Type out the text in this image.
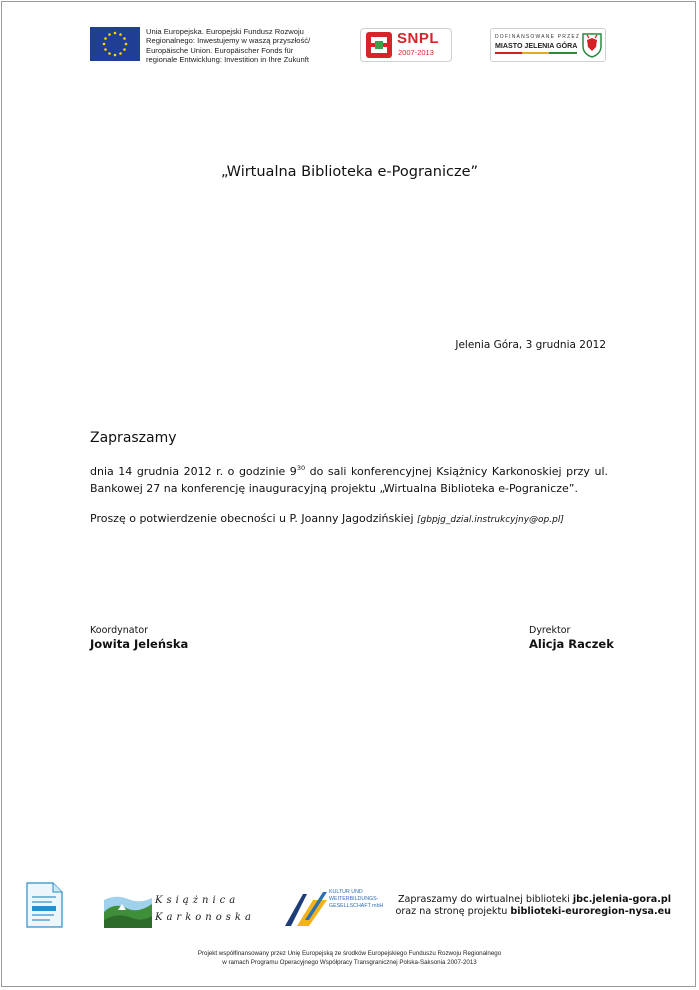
Unia Europejska. Europejski Fundusz Rozwoju
Regionalnego: Inwestujemy w waszą przyszłość/
Europäische Union. Europäischer Fonds für
regionale Entwicklung: Investition in Ihre Zukunft
SNPL
2007-2013
DOFINANSOWANE PRZEZ
MIASTO JELENIA GÓRA
„Wirtualna Biblioteka e-Pogranicze”
Jelenia Góra, 3 grudnia 2012
Zapraszamy
dnia 14 grudnia 2012 r. o godzinie $9^{30}$ do sali konferencyjnej Książnicy Karkonoskiej przy ul. Bankowej 27 na konferencję inauguracyjną projektu „Wirtualna Biblioteka e-Pogranicze”.
Proszę o potwierdzenie obecności u P. Joanny Jagodzińskiej [gbpjg_dzial.instrukcyjny@op.pl]
Koordynator
Jowita Jeleńska
Dyrektor
Alicja Raczek
Książnica
Karkonoska
KULTUR UND
WEITERBILDUNGS-
GESELLSCHAFT mbH
Zapraszamy do wirtualnej biblioteki jbc.jelenia-gora.pl
oraz na stronę projektu biblioteki-euroregion-nysa.eu
Projekt współfinansowany przez Unię Europejską ze środków Europejskiego Funduszu Rozwoju Regionalnego
w ramach Programu Operacyjnego Współpracy Transgranicznej Polska-Saksonia 2007-2013
